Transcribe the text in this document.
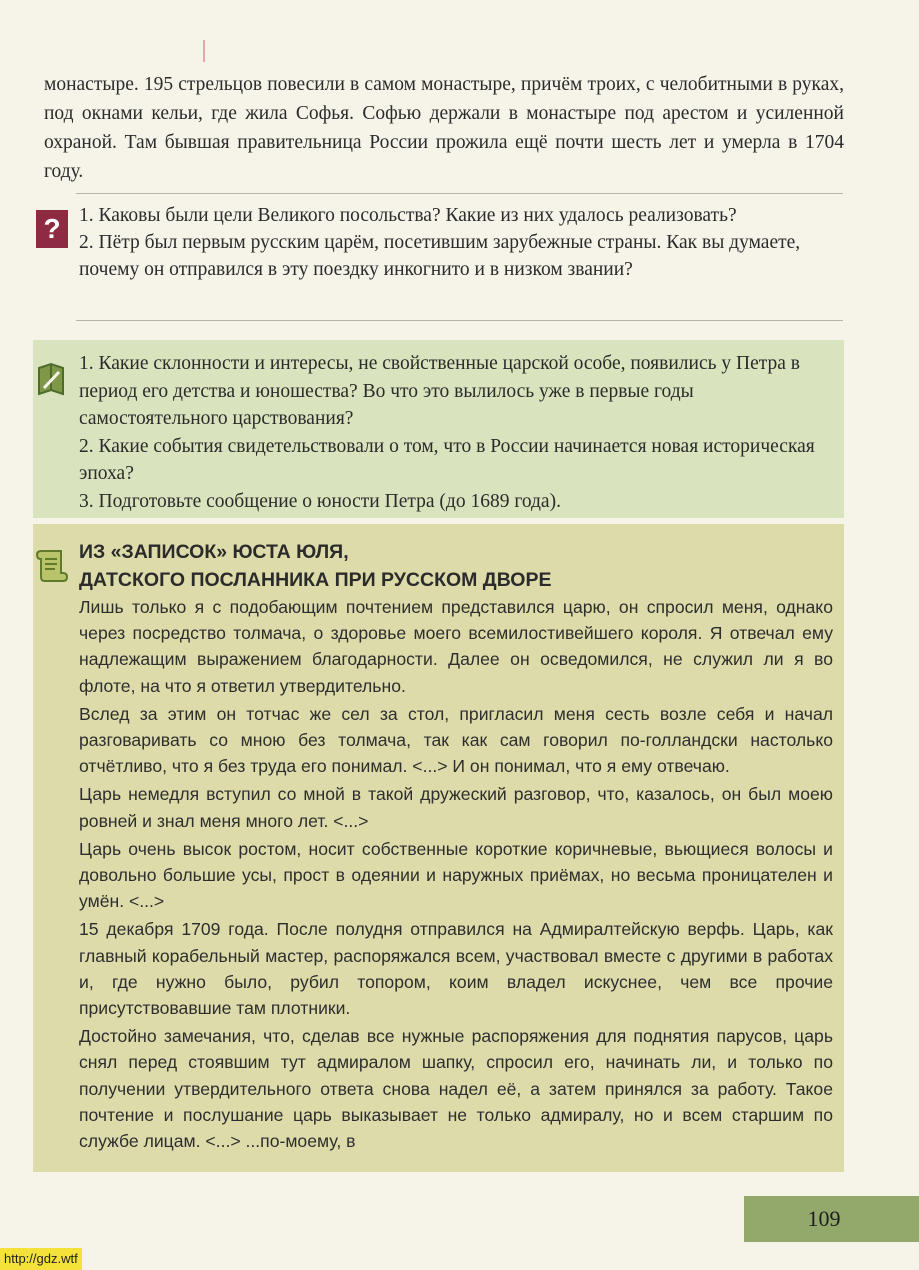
монастыре. 195 стрельцов повесили в самом монастыре, причём троих, с челобитными в руках, под окнами кельи, где жила Софья. Софью держали в монастыре под арестом и усиленной охраной. Там бывшая правительница России прожила ещё почти шесть лет и умерла в 1704 году.

? 1. Каковы были цели Великого посольства? Какие из них удалось реализовать?

2. Пётр был первым русским царём, посетившим зарубежные страны. Как вы думаете, почему он отправился в эту поездку инкогнито и в низком звании?

1. Какие склонности и интересы, не свойственные царской особе, появились у Петра в период его детства и юношества? Во что это вылилось уже в первые годы самостоятельного царствования?

2. Какие события свидетельствовали о том, что в России начинается новая историческая эпоха?

3. Подготовьте сообщение о юности Петра (до 1689 года).

ИЗ «ЗАПИСОК» ЮСТА ЮЛЯ,
ДАТСКОГО ПОСЛАННИКА ПРИ РУССКОМ ДВОРЕ

Лишь только я с подобающим почтением представился царю, он спросил меня, однако через посредство толмача, о здоровье моего всемилостивейшего короля. Я отвечал ему надлежащим выражением благодарности. Далее он осведомился, не служил ли я во флоте, на что я ответил утвердительно.

Вслед за этим он тотчас же сел за стол, пригласил меня сесть возле себя и начал разговаривать со мною без толмача, так как сам говорил по-голландски настолько отчётливо, что я без труда его понимал. <...> И он понимал, что я ему отвечаю.

Царь немедля вступил со мной в такой дружеский разговор, что, казалось, он был моею ровней и знал меня много лет. <...>

Царь очень высок ростом, носит собственные короткие коричневые, вьющиеся волосы и довольно большие усы, прост в одеянии и наружных приёмах, но весьма проницателен и умён. <...>

15 декабря 1709 года. После полудня отправился на Адмиралтейскую верфь. Царь, как главный корабельный мастер, распоряжался всем, участвовал вместе с другими в работах и, где нужно было, рубил топором, коим владел искуснее, чем все прочие присутствовавшие там плотники.

Достойно замечания, что, сделав все нужные распоряжения для поднятия парусов, царь снял перед стоявшим тут адмиралом шапку, спросил его, начинать ли, и только по получении утвердительного ответа снова надел её, а затем принялся за работу. Такое почтение и послушание царь выказывает не только адмиралу, но и всем старшим по службе лицам. <...> ...по-моему, в

109
http://gdz.wtf
